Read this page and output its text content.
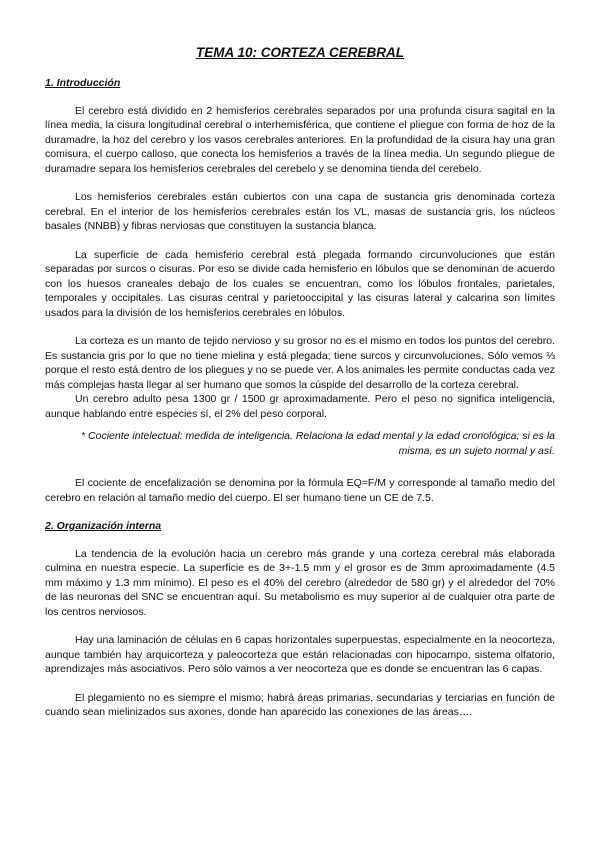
TEMA 10: CORTEZA CEREBRAL
1. Introducción
El cerebro está dividido en 2 hemisferios cerebrales separados por una profunda cisura sagital en la línea media, la cisura longitudinal cerebral o interhemisférica, que contiene el pliegue con forma de hoz de la duramadre, la hoz del cerebro y los vasos cerebrales anteriores. En la profundidad de la cisura hay una gran comisura, el cuerpo calloso, que conecta los hemisferios a través de la línea media. Un segundo pliegue de duramadre separa los hemisferios cerebrales del cerebelo y se denomina tienda del cerebelo.
Los hemisferios cerebrales están cubiertos con una capa de sustancia gris denominada corteza cerebral. En el interior de los hemisferios cerebrales están los VL, masas de sustancia gris, los núcleos basales (NNBB) y fibras nerviosas que constituyen la sustancia blanca.
La superficie de cada hemisferio cerebral está plegada formando circunvoluciones que están separadas por surcos o cisuras. Por eso se divide cada hemisferio en lóbulos que se denominan de acuerdo con los huesos craneales debajo de los cuales se encuentran, como los lóbulos frontales, parietales, temporales y occipitales. Las cisuras central y parietooccipital y las cisuras lateral y calcarina son límites usados para la división de los hemisferios cerebrales en lóbulos.
La corteza es un manto de tejido nervioso y su grosor no es el mismo en todos los puntos del cerebro. Es sustancia gris por lo que no tiene mielina y está plegada; tiene surcos y circunvoluciones. Sólo vemos ⅓ porque el resto está dentro de los pliegues y no se puede ver. A los animales les permite conductas cada vez más complejas hasta llegar al ser humano que somos la cúspide del desarrollo de la corteza cerebral.
Un cerebro adulto pesa 1300 gr / 1500 gr aproximadamente. Pero el peso no significa inteligencia, aunque hablando entre especies sí, el 2% del peso corporal.
* Cociente intelectual: medida de inteligencia. Relaciona la edad mental y la edad cronológica; si es la misma, es un sujeto normal y así.
El cociente de encefalización se denomina por la fórmula EQ=F/M y corresponde al tamaño medio del cerebro en relación al tamaño medio del cuerpo. El ser humano tiene un CE de 7.5.
2. Organización interna
La tendencia de la evolución hacia un cerebro más grande y una corteza cerebral más elaborada culmina en nuestra especie. La superficie es de 3+-1.5 mm y el grosor es de 3mm aproximadamente (4.5 mm máximo y 1.3 mm mínimo). El peso es el 40% del cerebro (alrededor de 580 gr) y el alrededor del 70% de las neuronas del SNC se encuentran aquí. Su metabolismo es muy superior al de cualquier otra parte de los centros nerviosos.
Hay una laminación de células en 6 capas horizontales superpuestas, especialmente en la neocorteza, aunque también hay arquicorteza y paleocorteza que están relacionadas con hipocampo, sistema olfatorio, aprendizajes más asociativos. Pero sólo vamos a ver neocorteza que es donde se encuentran las 6 capas.
El plegamiento no es siempre el mismo; habrá áreas primarias, secundarias y terciarias en función de cuando sean mielinizados sus axones, donde han aparecido las conexiones de las áreas….
